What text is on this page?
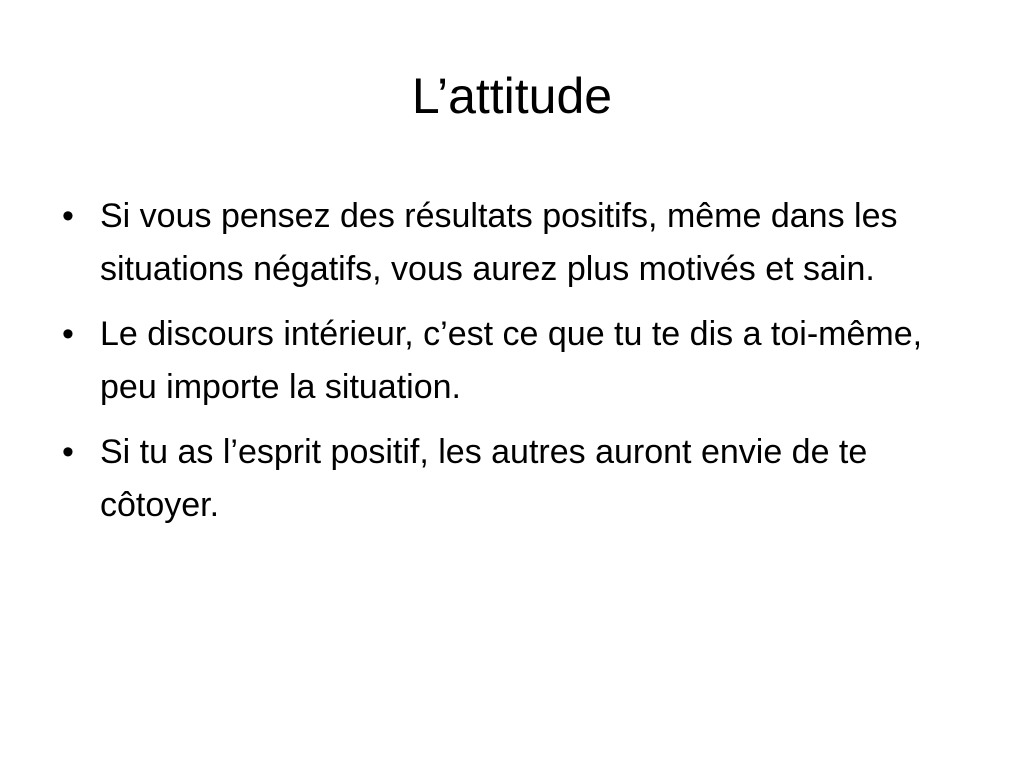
L’attitude
• Si vous pensez des résultats positifs, même dans les situations négatifs, vous aurez plus motivés et sain.
• Le discours intérieur, c’est ce que tu te dis a toi-même, peu importe la situation.
• Si tu as l’esprit positif, les autres auront envie de te côtoyer.
